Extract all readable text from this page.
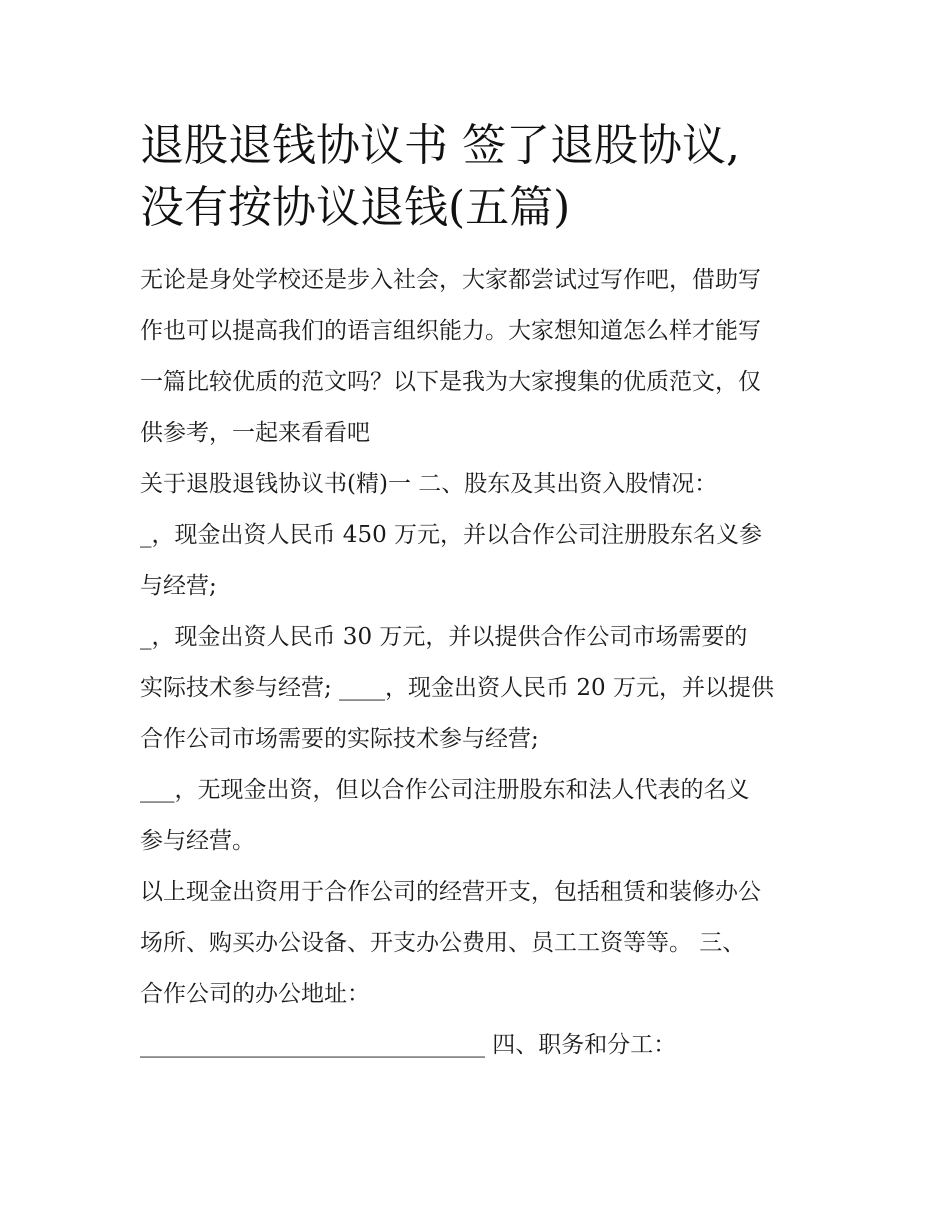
退股退钱协议书 签了退股协议,
没有按协议退钱(五篇)
无论是身处学校还是步入社会，大家都尝试过写作吧，借助写
作也可以提高我们的语言组织能力。大家想知道怎么样才能写
一篇比较优质的范文吗？以下是我为大家搜集的优质范文，仅
供参考，一起来看看吧
关于退股退钱协议书(精)一 二、股东及其出资入股情况：
_，现金出资人民币 450 万元，并以合作公司注册股东名义参
与经营;
_，现金出资人民币 30 万元，并以提供合作公司市场需要的
实际技术参与经营; ____，现金出资人民币 20 万元，并以提供
合作公司市场需要的实际技术参与经营;
___，无现金出资，但以合作公司注册股东和法人代表的名义
参与经营。
以上现金出资用于合作公司的经营开支，包括租赁和装修办公
场所、购买办公设备、开支办公费用、员工工资等等。 三、
合作公司的办公地址：
______________________________ 四、职务和分工：
